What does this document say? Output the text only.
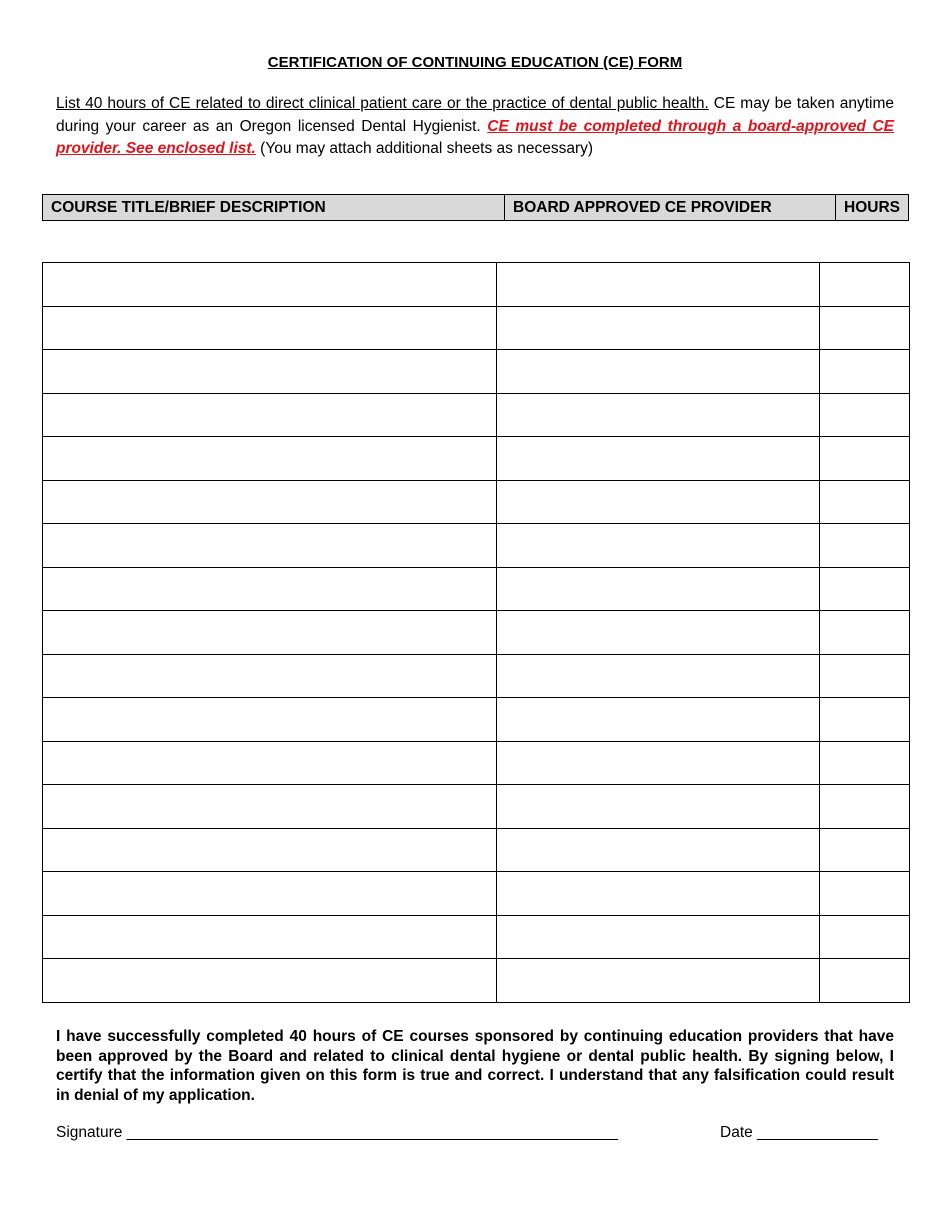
CERTIFICATION OF CONTINUING EDUCATION (CE) FORM
List 40 hours of CE related to direct clinical patient care or the practice of dental public health. CE may be taken anytime during your career as an Oregon licensed Dental Hygienist. CE must be completed through a board-approved CE provider. See enclosed list. (You may attach additional sheets as necessary)
COURSE TITLE/BRIEF DESCRIPTION	BOARD APPROVED CE PROVIDER	HOURS

I have successfully completed 40 hours of CE courses sponsored by continuing education providers that have been approved by the Board and related to clinical dental hygiene or dental public health. By signing below, I certify that the information given on this form is true and correct. I understand that any falsification could result in denial of my application.
Signature _________________________________________________________	Date ______________
